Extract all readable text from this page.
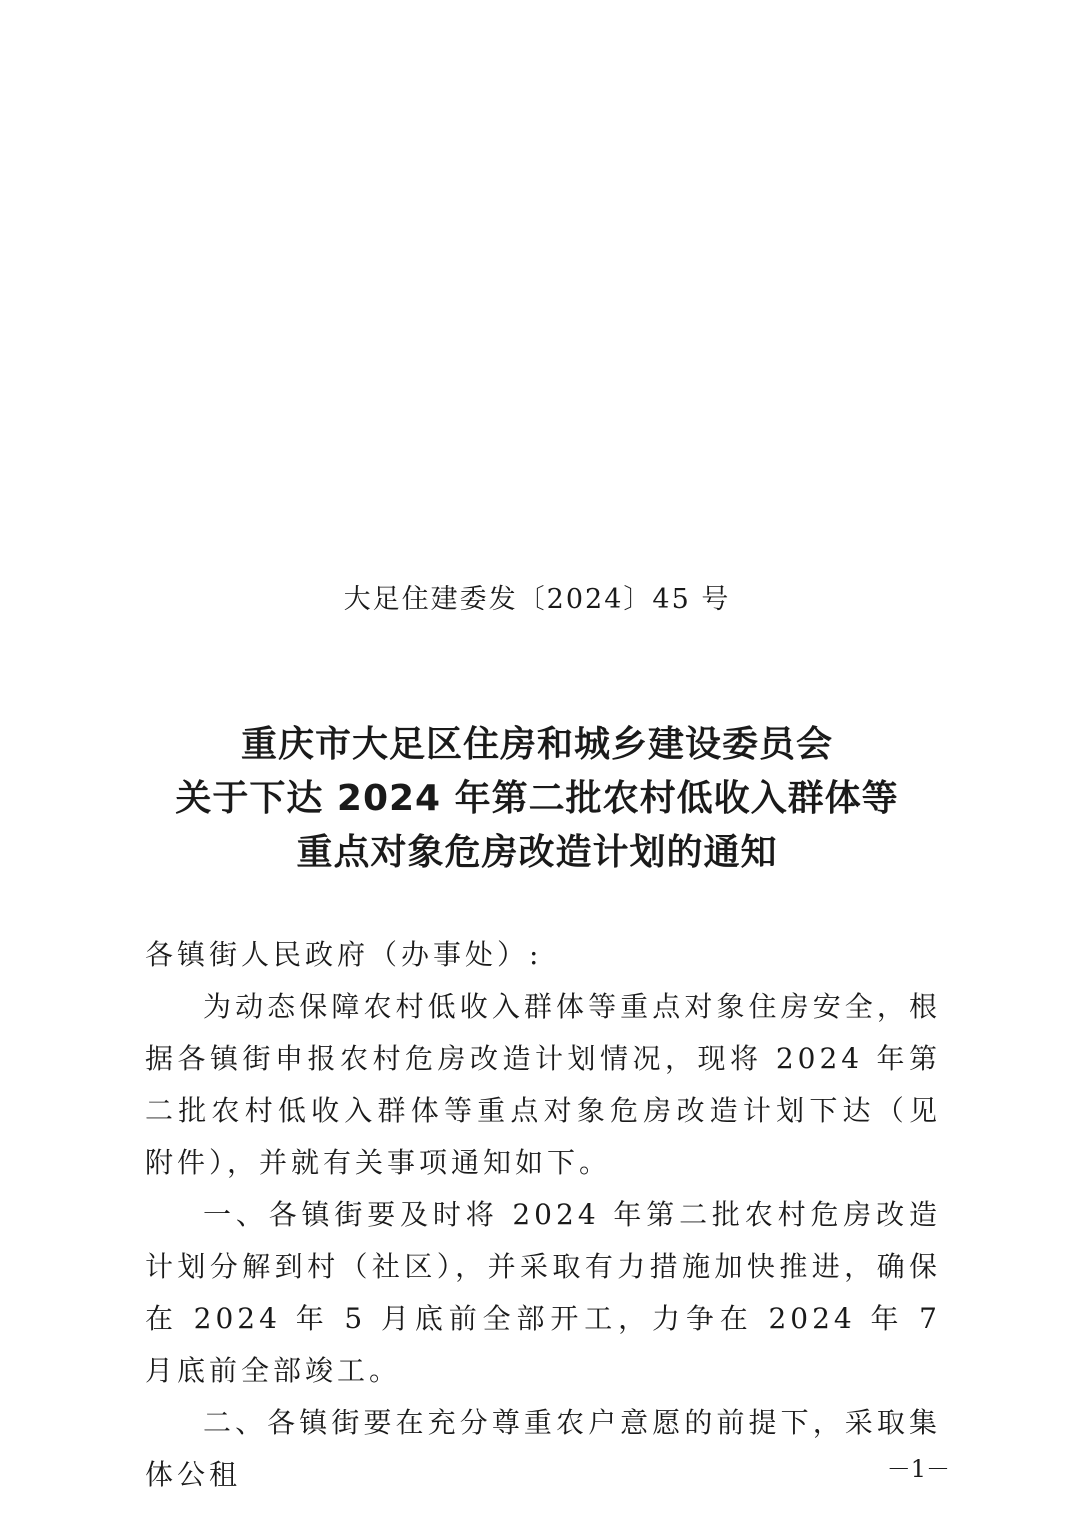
大足住建委发〔2024〕45 号
重庆市大足区住房和城乡建设委员会
关于下达 2024 年第二批农村低收入群体等
重点对象危房改造计划的通知

各镇街人民政府（办事处）:

为动态保障农村低收入群体等重点对象住房安全，根据各镇街申报农村危房改造计划情况，现将 2024 年第二批农村低收入群体等重点对象危房改造计划下达（见附件），并就有关事项通知如下。

一、各镇街要及时将 2024 年第二批农村危房改造计划分解到村（社区），并采取有力措施加快推进，确保在 2024 年 5 月底前全部开工，力争在 2024 年 7 月底前全部竣工。

二、各镇街要在充分尊重农户意愿的前提下，采取集体公租	－1－
